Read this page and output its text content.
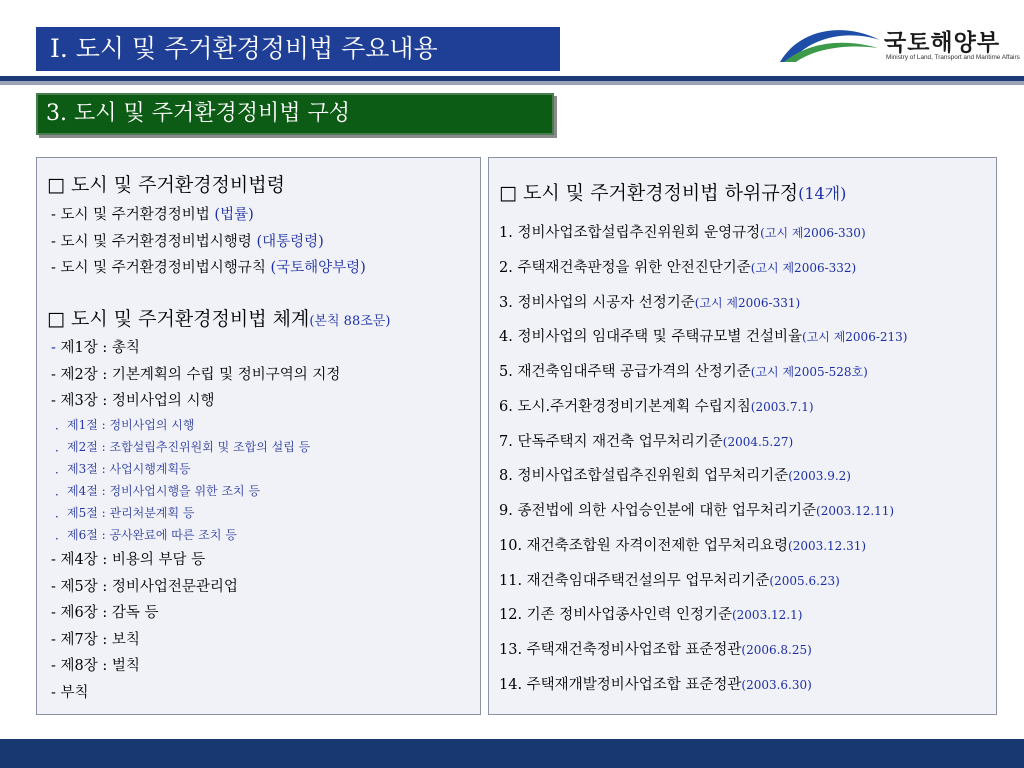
Ⅰ. 도시 및 주거환경정비법 주요내용	국토해양부
Ministry of Land, Transport and Maritime Affairs
3. 도시 및 주거환경정비법 구성
□ 도시 및 주거환경정비법령
- 도시 및 주거환경정비법 (법률)
- 도시 및 주거환경정비법시행령 (대통령령)
- 도시 및 주거환경정비법시행규칙 (국토해양부령)
□ 도시 및 주거환경정비법 체계(본칙 88조문)
- 제1장 : 총칙
- 제2장 : 기본계획의 수립 및 정비구역의 지정
- 제3장 : 정비사업의 시행
．제1절 : 정비사업의 시행
．제2절 : 조합설립추진위원회 및 조합의 설립 등
．제3절 : 사업시행계획등
．제4절 : 정비사업시행을 위한 조치 등
．제5절 : 관리처분계획 등
．제6절 : 공사완료에 따른 조치 등
- 제4장 : 비용의 부담 등
- 제5장 : 정비사업전문관리업
- 제6장 : 감독 등
- 제7장 : 보칙
- 제8장 : 벌칙
- 부칙
□ 도시 및 주거환경정비법 하위규정(14개)
1. 정비사업조합설립추진위원회 운영규정(고시 제2006-330)
2. 주택재건축판정을 위한 안전진단기준(고시 제2006-332)
3. 정비사업의 시공자 선정기준(고시 제2006-331)
4. 정비사업의 임대주택 및 주택규모별 건설비율(고시 제2006-213)
5. 재건축임대주택 공급가격의 산정기준(고시 제2005-528호)
6. 도시.주거환경정비기본계획 수립지침(2003.7.1)
7. 단독주택지 재건축 업무처리기준(2004.5.27)
8. 정비사업조합설립추진위원회 업무처리기준(2003.9.2)
9. 종전법에 의한 사업승인분에 대한 업무처리기준(2003.12.11)
10. 재건축조합원 자격이전제한 업무처리요령(2003.12.31)
11. 재건축임대주택건설의무 업무처리기준(2005.6.23)
12. 기존 정비사업종사인력 인정기준(2003.12.1)
13. 주택재건축정비사업조합 표준정관(2006.8.25)
14. 주택재개발정비사업조합 표준정관(2003.6.30)
